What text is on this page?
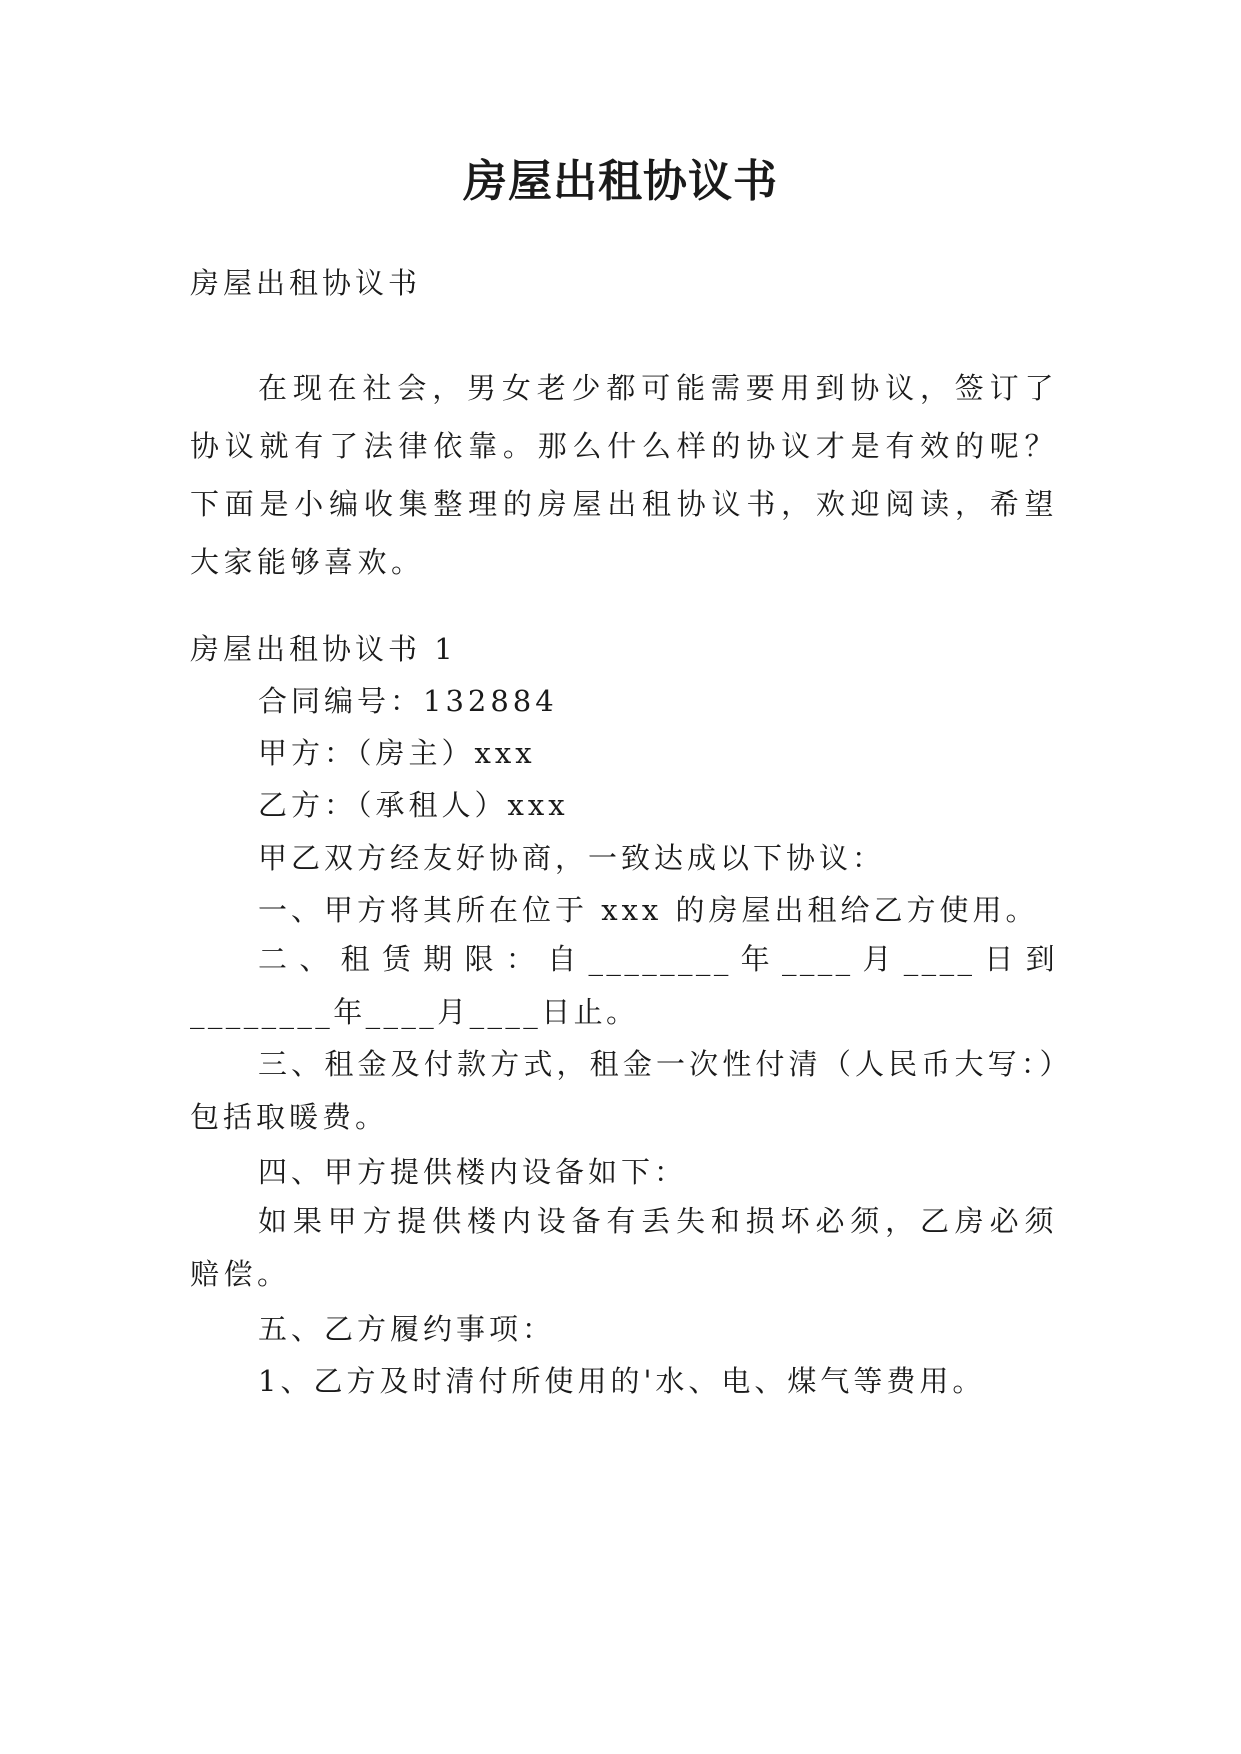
房屋出租协议书
房屋出租协议书
在现在社会，男女老少都可能需要用到协议，签订了协议就有了法律依靠。那么什么样的协议才是有效的呢？下面是小编收集整理的房屋出租协议书，欢迎阅读，希望大家能够喜欢。
房屋出租协议书 1
合同编号：132884
甲方：（房主）xxx
乙方：（承租人）xxx
甲乙双方经友好协商，一致达成以下协议：
一、甲方将其所在位于 xxx 的房屋出租给乙方使用。
二、租赁期限：自________年____月____日到________年____月____日止。
三、租金及付款方式，租金一次性付清（人民币大写：）包括取暖费。
四、甲方提供楼内设备如下：
如果甲方提供楼内设备有丢失和损坏必须，乙房必须赔偿。
五、乙方履约事项：
1、乙方及时清付所使用的'水、电、煤气等费用。
